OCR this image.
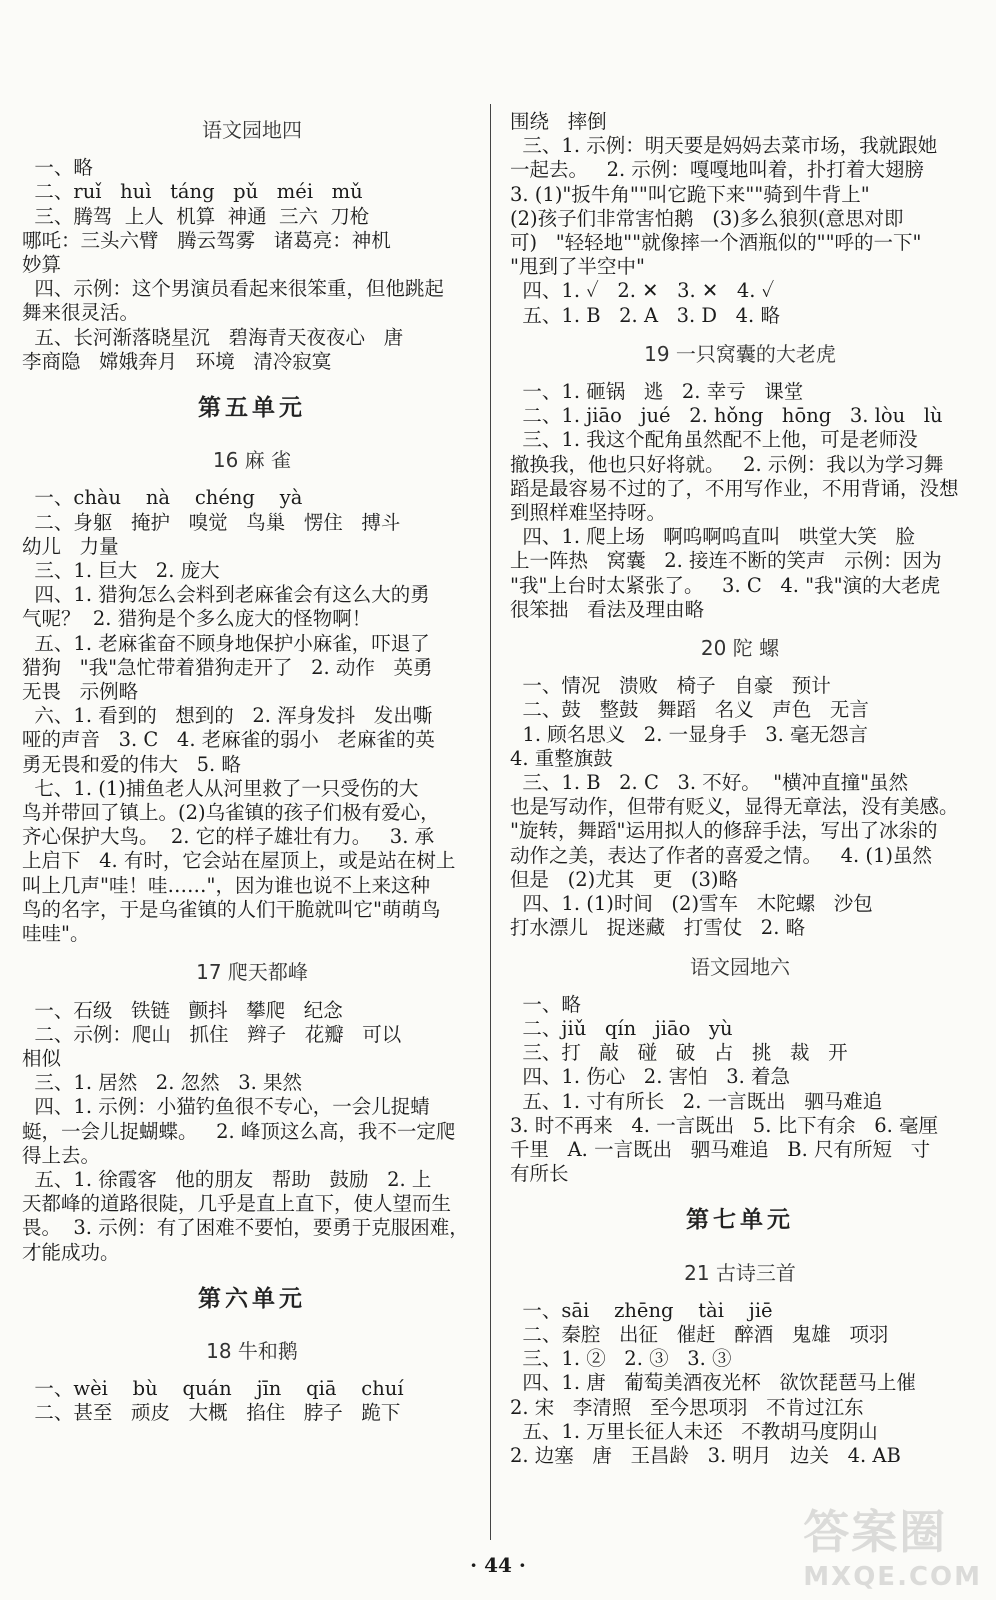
语文园地四
一、略
二、ruǐ   huì   táng   pǔ   méi   mǔ
三、腾驾  上人  机算  神通  三六  刀枪
哪吒：三头六臂   腾云驾雾   诸葛亮：神机
妙算
四、示例：这个男演员看起来很笨重，但他跳起
舞来很灵活。
五、长河渐落晓星沉   碧海青天夜夜心   唐
李商隐   嫦娥奔月   环境   清冷寂寞
第五单元
16 麻 雀
一、chàu    nà    chéng    yà
二、身躯   掩护   嗅觉   鸟巢   愣住   搏斗
幼儿   力量
三、1. 巨大   2. 庞大
四、1. 猎狗怎么会料到老麻雀会有这么大的勇
气呢？  2. 猎狗是个多么庞大的怪物啊！
五、1. 老麻雀奋不顾身地保护小麻雀，吓退了
猎狗   "我"急忙带着猎狗走开了   2. 动作   英勇
无畏   示例略
六、1. 看到的   想到的   2. 浑身发抖   发出嘶
哑的声音   3. C   4. 老麻雀的弱小   老麻雀的英
勇无畏和爱的伟大   5. 略
七、1. (1)捕鱼老人从河里救了一只受伤的大
鸟并带回了镇上。(2)乌雀镇的孩子们极有爱心，
齐心保护大鸟。  2. 它的样子雄壮有力。   3. 承
上启下   4. 有时，它会站在屋顶上，或是站在树上
叫上几声"哇！哇……"，因为谁也说不上来这种
鸟的名字，于是乌雀镇的人们干脆就叫它"萌萌鸟
哇哇"。
17 爬天都峰
一、石级   铁链   颤抖   攀爬   纪念
二、示例：爬山   抓住   辫子   花瓣   可以
相似
三、1. 居然   2. 忽然   3. 果然
四、1. 示例：小猫钓鱼很不专心，一会儿捉蜻
蜓，一会儿捉蝴蝶。   2. 峰顶这么高，我不一定爬
得上去。
五、1. 徐霞客   他的朋友   帮助   鼓励   2. 上
天都峰的道路很陡，几乎是直上直下，使人望而生
畏。  3. 示例：有了困难不要怕，要勇于克服困难，
才能成功。
第六单元
18 牛和鹅
一、wèi    bù    quán    jīn    qiā    chuí
二、甚至   顽皮   大概   掐住   脖子   跪下
围绕   摔倒
三、1. 示例：明天要是妈妈去菜市场，我就跟她
一起去。   2. 示例：嘎嘎地叫着，扑打着大翅膀
3. (1)"扳牛角""叫它跪下来""骑到牛背上"
(2)孩子们非常害怕鹅   (3)多么狼狈(意思对即
可)   "轻轻地""就像摔一个酒瓶似的""呼的一下"
"甩到了半空中"
四、1. ✓   2. ✕   3. ✕   4. ✓
五、1. B   2. A   3. D   4. 略
19 一只窝囊的大老虎
一、1. 砸锅   逃   2. 幸亏   课堂
二、1. jiāo   jué   2. hǒng   hōng   3. lòu   lù
三、1. 我这个配角虽然配不上他，可是老师没
撤换我，他也只好将就。   2. 示例：我以为学习舞
蹈是最容易不过的了，不用写作业，不用背诵，没想
到照样难坚持呀。
四、1. 爬上场   啊呜啊呜直叫   哄堂大笑   脸
上一阵热   窝囊   2. 接连不断的笑声   示例：因为
"我"上台时太紧张了。   3. C   4. "我"演的大老虎
很笨拙   看法及理由略
20 陀 螺
一、情况   溃败   椅子   自豪   预计
二、鼓   整鼓   舞蹈   名义   声色   无言
1. 顾名思义   2. 一显身手   3. 毫无怨言
4. 重整旗鼓
三、1. B   2. C   3. 不好。  "横冲直撞"虽然
也是写动作，但带有贬义，显得无章法，没有美感。
"旋转，舞蹈"运用拟人的修辞手法，写出了冰尜的
动作之美，表达了作者的喜爱之情。   4. (1)虽然
但是   (2)尤其   更   (3)略
四、1. (1)时间   (2)雪车   木陀螺   沙包
打水漂儿   捉迷藏   打雪仗   2. 略
语文园地六
一、略
二、jiǔ   qín   jiāo   yù
三、打   敲   碰   破   占   挑   裁   开
四、1. 伤心   2. 害怕   3. 着急
五、1. 寸有所长   2. 一言既出   驷马难追
3. 时不再来   4. 一言既出   5. 比下有余   6. 毫厘
千里   A. 一言既出   驷马难追   B. 尺有所短   寸
有所长
第七单元
21 古诗三首
一、sāi    zhēng    tài    jiē
二、秦腔   出征   催赶   醉酒   鬼雄   项羽
三、1. ②   2. ③   3. ③
四、1. 唐   葡萄美酒夜光杯   欲饮琵琶马上催
2. 宋   李清照   至今思项羽   不肯过江东
五、1. 万里长征人未还   不教胡马度阴山
2. 边塞   唐   王昌龄   3. 明月   边关   4. AB
· 44 ·
答案圈
MXQE.COM
